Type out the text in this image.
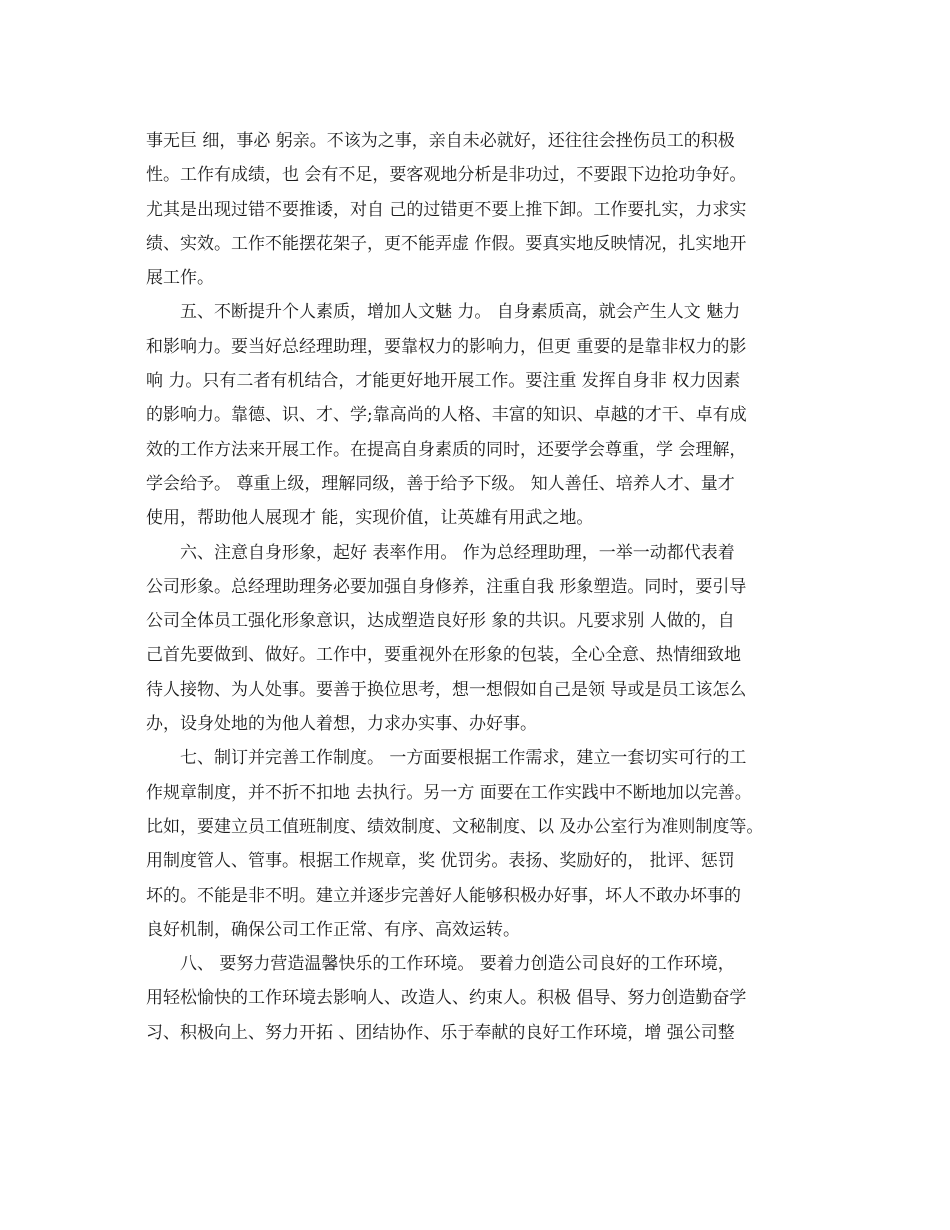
事无巨 细，事必 躬亲。不该为之事，亲自未必就好，还往往会挫伤员工的积极
性。工作有成绩，也 会有不足，要客观地分析是非功过，不要跟下边抢功争好。
尤其是出现过错不要推诿，对自 己的过错更不要上推下卸。工作要扎实，力求实
绩、实效。工作不能摆花架子，更不能弄虚 作假。要真实地反映情况，扎实地开
展工作。
五、不断提升个人素质，增加人文魅 力。 自身素质高，就会产生人文 魅力
和影响力。要当好总经理助理，要靠权力的影响力，但更 重要的是靠非权力的影
响 力。只有二者有机结合，才能更好地开展工作。要注重 发挥自身非 权力因素
的影响力。靠德、识、才、学;靠高尚的人格、丰富的知识、卓越的才干、卓有成
效的工作方法来开展工作。在提高自身素质的同时，还要学会尊重，学 会理解，
学会给予。 尊重上级，理解同级，善于给予下级。 知人善任、培养人才、量才
使用，帮助他人展现才 能，实现价值，让英雄有用武之地。
六、注意自身形象，起好 表率作用。 作为总经理助理，一举一动都代表着
公司形象。总经理助理务必要加强自身修养，注重自我 形象塑造。同时，要引导
公司全体员工强化形象意识，达成塑造良好形 象的共识。凡要求别 人做的，自
己首先要做到、做好。工作中，要重视外在形象的包装，全心全意、热情细致地
待人接物、为人处事。要善于换位思考，想一想假如自己是领 导或是员工该怎么
办，设身处地的为他人着想，力求办实事、办好事。
七、制订并完善工作制度。 一方面要根据工作需求，建立一套切实可行的工
作规章制度，并不折不扣地 去执行。另一方 面要在工作实践中不断地加以完善。
比如，要建立员工值班制度、绩效制度、文秘制度、以 及办公室行为准则制度等。
用制度管人、管事。根据工作规章，奖 优罚劣。表扬、奖励好的， 批评、惩罚
坏的。不能是非不明。建立并逐步完善好人能够积极办好事，坏人不敢办坏事的
良好机制，确保公司工作正常、有序、高效运转。
八、 要努力营造温馨快乐的工作环境。 要着力创造公司良好的工作环境，
用轻松愉快的工作环境去影响人、改造人、约束人。积极 倡导、努力创造勤奋学
习、积极向上、努力开拓 、团结协作、乐于奉献的良好工作环境，增 强公司整
